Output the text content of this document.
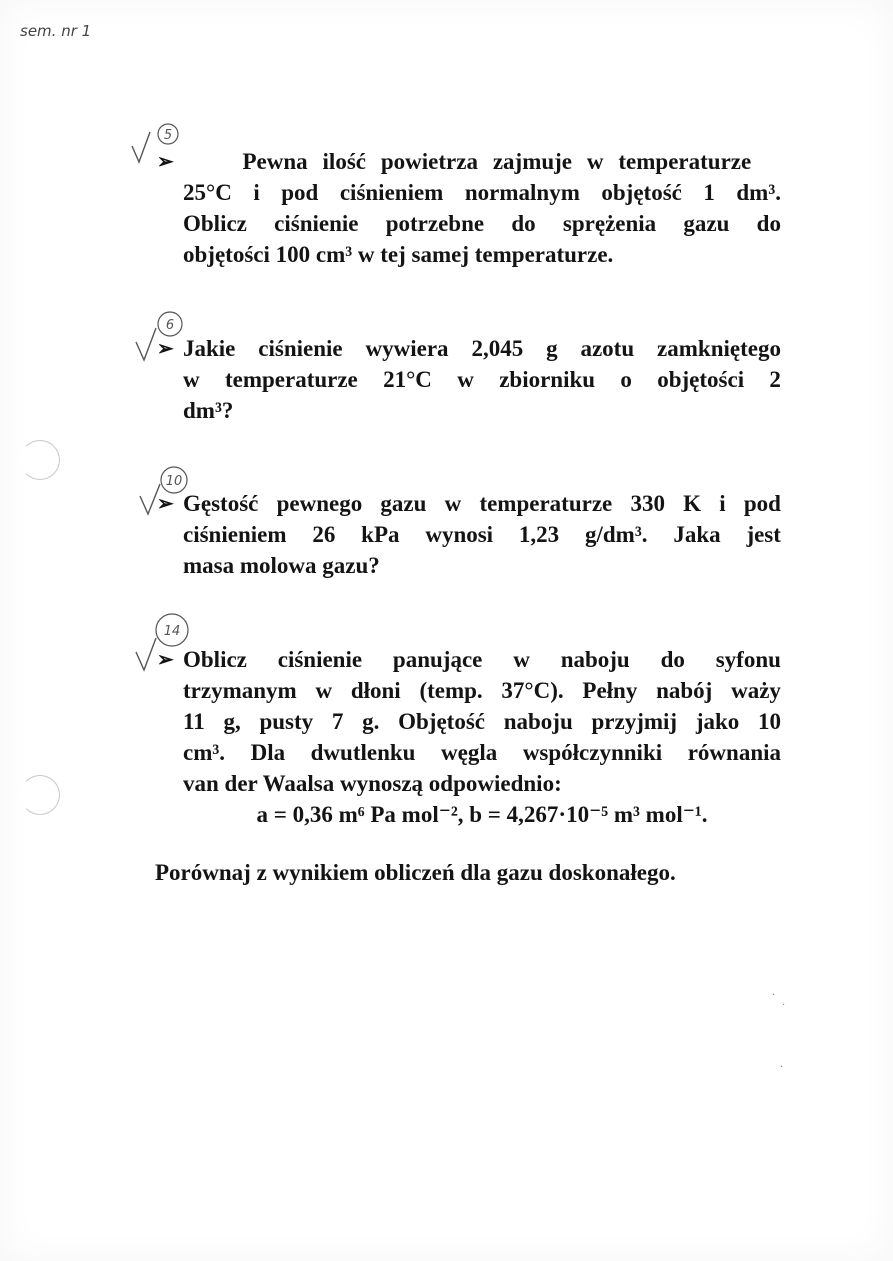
sem. nr 1
5
➢	Pewna ilość powietrza zajmuje w temperaturze
25°C i pod ciśnieniem normalnym objętość 1 dm³.
Oblicz ciśnienie potrzebne do sprężenia gazu do
objętości 100 cm³ w tej samej temperaturze.
6
➢ Jakie ciśnienie wywiera 2,045 g azotu zamkniętego
w temperaturze 21°C w zbiorniku o objętości 2
dm³?
10
➢ Gęstość pewnego gazu w temperaturze 330 K i pod
ciśnieniem 26 kPa wynosi 1,23 g/dm³. Jaka jest
masa molowa gazu?
14
➢ Oblicz ciśnienie panujące w naboju do syfonu
trzymanym w dłoni (temp. 37°C). Pełny nabój waży
11 g, pusty 7 g. Objętość naboju przyjmij jako 10
cm³. Dla dwutlenku węgla współczynniki równania
van der Waalsa wynoszą odpowiednio:
a = 0,36 m⁶ Pa mol⁻², b = 4,267·10⁻⁵ m³ mol⁻¹.
Porównaj z wynikiem obliczeń dla gazu doskonałego.
·
·
·
